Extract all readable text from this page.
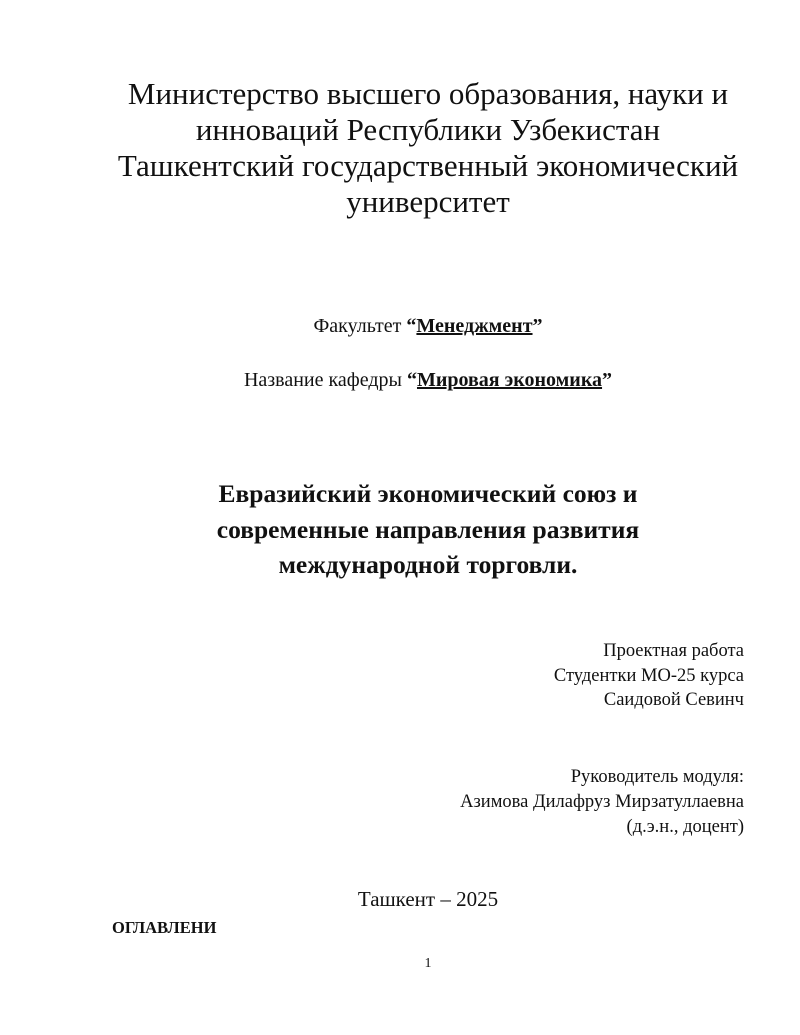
Министерство высшего образования, науки и
инноваций Республики Узбекистан
Ташкентский государственный экономический
университет
Факультет “Менеджмент”
Название кафедры “Мировая экономика”
Евразийский экономический союз и
современные направления развития
международной торговли.
Проектная работа
Студентки МО-25 курса
Саидовой Севинч
Руководитель модуля:
Азимова Дилафруз Мирзатуллаевна
(д.э.н., доцент)
Ташкент – 2025
ОГЛАВЛЕНИ
1
